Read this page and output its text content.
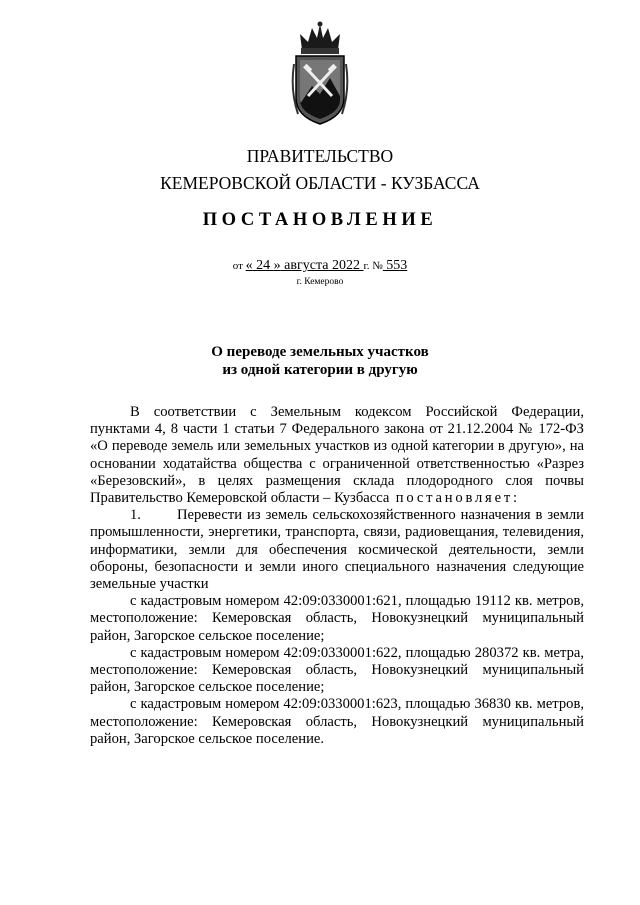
ПРАВИТЕЛЬСТВО
КЕМЕРОВСКОЙ ОБЛАСТИ - КУЗБАССА
ПОСТАНОВЛЕНИЕ
от « 24 » августа 2022 г. № 553
г. Кемерово
О переводе земельных участков
из одной категории в другую

В соответствии с Земельным кодексом Российской Федерации, пунктами 4, 8 части 1 статьи 7 Федерального закона от 21.12.2004 № 172-ФЗ «О переводе земель или земельных участков из одной категории в другую», на основании ходатайства общества с ограниченной ответственностью «Разрез «Березовский», в целях размещения склада плодородного слоя почвы Правительство Кемеровской области – Кузбасса постановляет:

1. Перевести из земель сельскохозяйственного назначения в земли промышленности, энергетики, транспорта, связи, радиовещания, телевидения, информатики, земли для обеспечения космической деятельности, земли обороны, безопасности и земли иного специального назначения следующие земельные участки

с кадастровым номером 42:09:0330001:621, площадью 19112 кв. метров, местоположение: Кемеровская область, Новокузнецкий муниципальный район, Загорское сельское поселение;

с кадастровым номером 42:09:0330001:622, площадью 280372 кв. метра, местоположение: Кемеровская область, Новокузнецкий муниципальный район, Загорское сельское поселение;

с кадастровым номером 42:09:0330001:623, площадью 36830 кв. метров, местоположение: Кемеровская область, Новокузнецкий муниципальный район, Загорское сельское поселение.
